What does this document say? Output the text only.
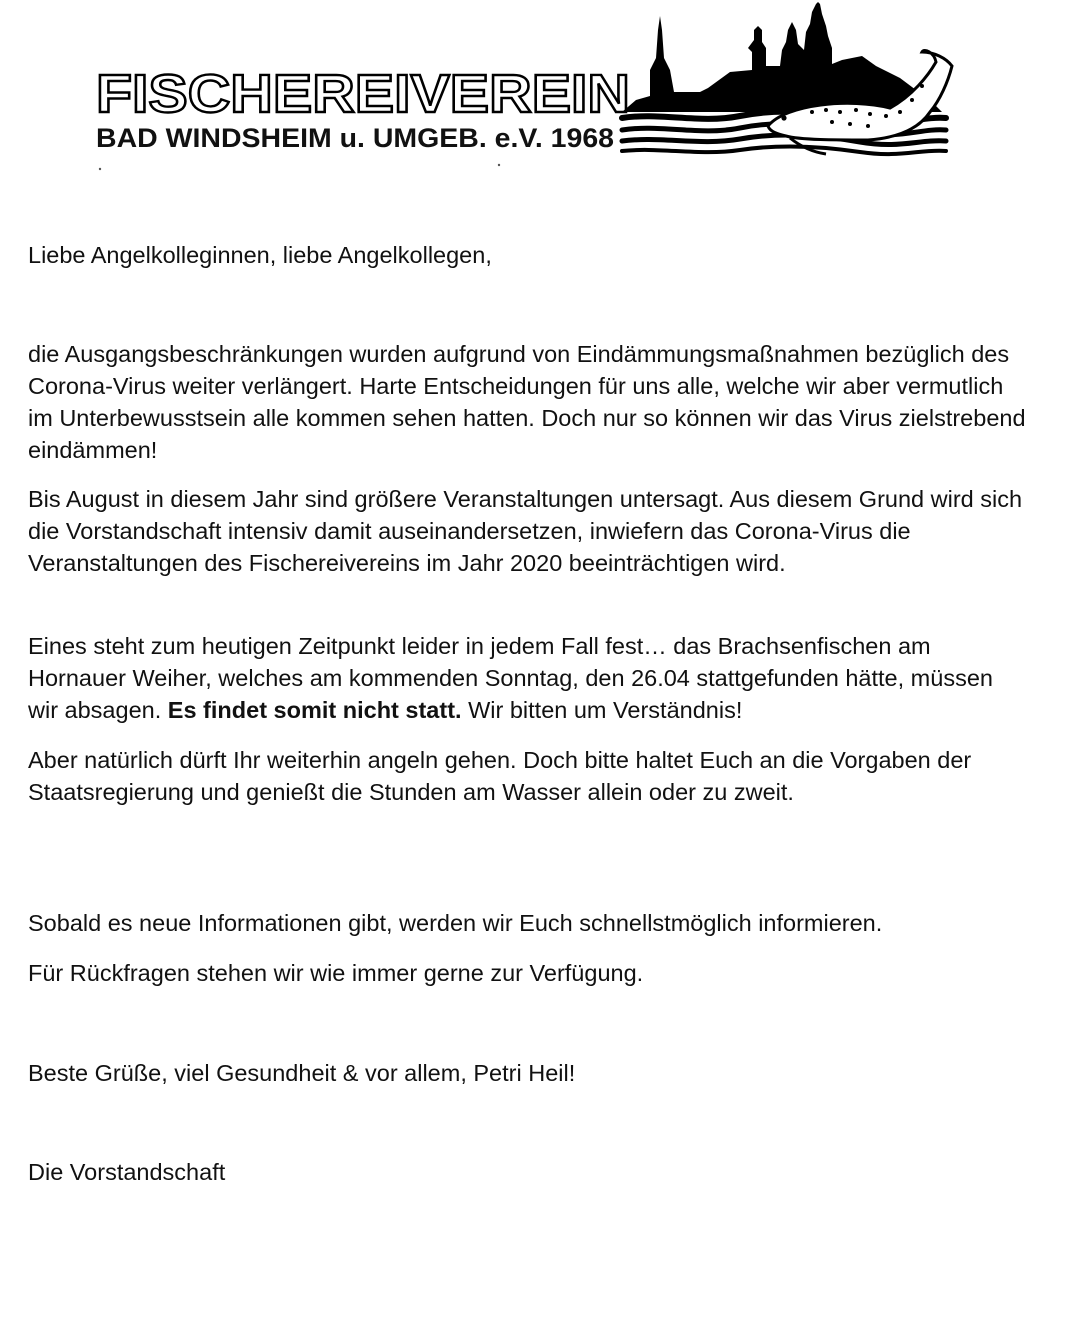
FISCHEREIVEREIN
BAD WINDSHEIM u. UMGEB. e.V. 1968

Liebe Angelkolleginnen, liebe Angelkollegen,

die Ausgangsbeschränkungen wurden aufgrund von Eindämmungsmaßnahmen bezüglich des Corona-Virus weiter verlängert. Harte Entscheidungen für uns alle, welche wir aber vermutlich im Unterbewusstsein alle kommen sehen hatten. Doch nur so können wir das Virus zielstrebend eindämmen!

Bis August in diesem Jahr sind größere Veranstaltungen untersagt. Aus diesem Grund wird sich die Vorstandschaft intensiv damit auseinandersetzen, inwiefern das Corona-Virus die Veranstaltungen des Fischereivereins im Jahr 2020 beeinträchtigen wird.

Eines steht zum heutigen Zeitpunkt leider in jedem Fall fest… das Brachsenfischen am Hornauer Weiher, welches am kommenden Sonntag, den 26.04 stattgefunden hätte, müssen wir absagen. Es findet somit nicht statt. Wir bitten um Verständnis!

Aber natürlich dürft Ihr weiterhin angeln gehen. Doch bitte haltet Euch an die Vorgaben der Staatsregierung und genießt die Stunden am Wasser allein oder zu zweit.

Sobald es neue Informationen gibt, werden wir Euch schnellstmöglich informieren.

Für Rückfragen stehen wir wie immer gerne zur Verfügung.

Beste Grüße, viel Gesundheit & vor allem, Petri Heil!

Die Vorstandschaft
